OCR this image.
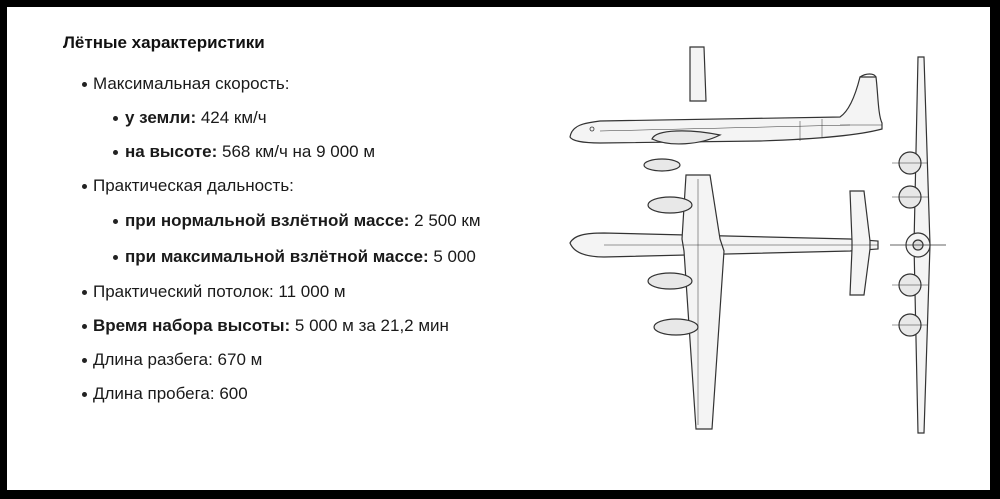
Лётные характеристики
Максимальная скорость:
у земли: 424 км/ч
на высоте: 568 км/ч на 9 000 м
Практическая дальность:
при нормальной взлётной массе: 2 500 км
при максимальной взлётной массе: 5 000
Практический потолок: 11 000 м
Время набора высоты: 5 000 м за 21,2 мин
Длина разбега: 670 м
Длина пробега: 600
